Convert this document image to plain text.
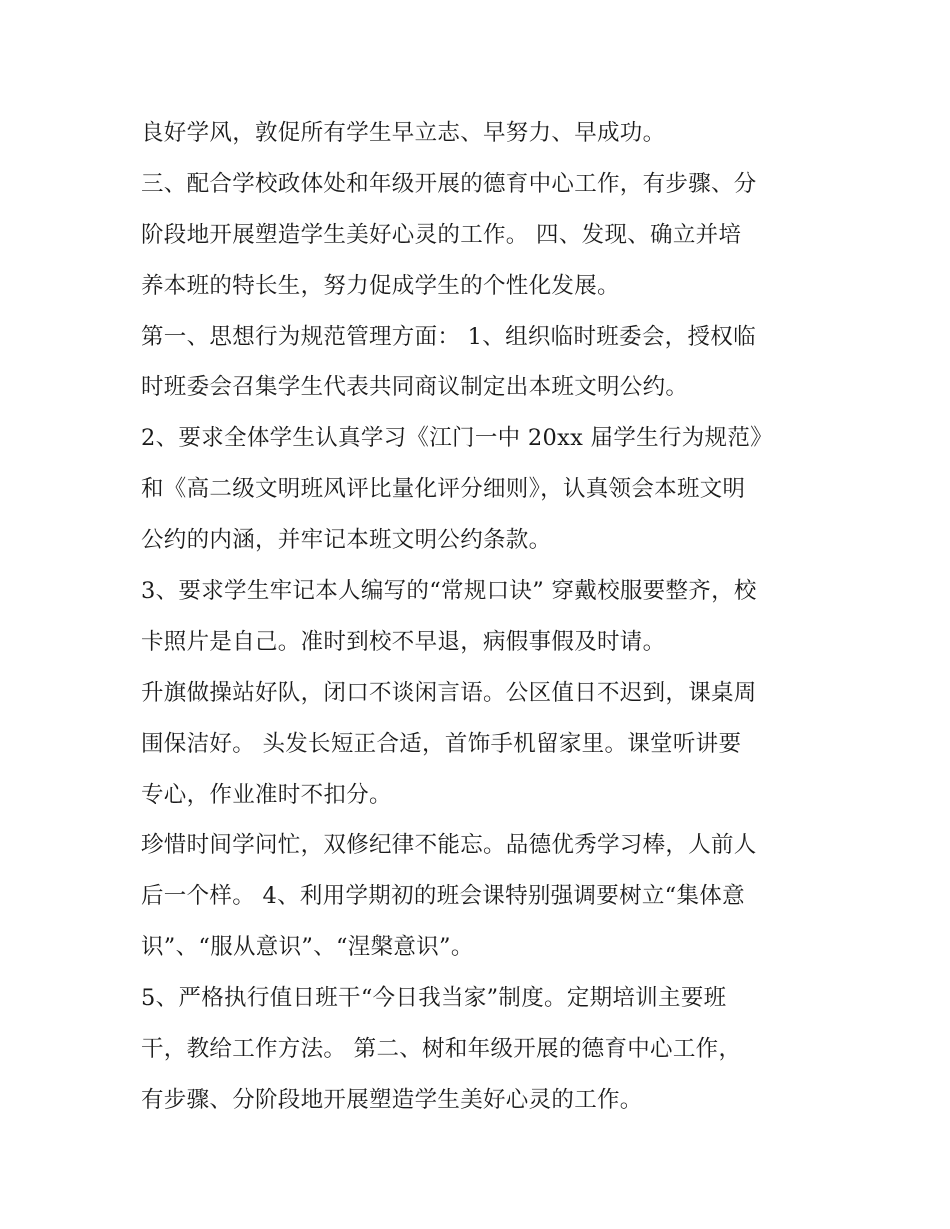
良好学风，敦促所有学生早立志、早努力、早成功。
三、配合学校政体处和年级开展的德育中心工作，有步骤、分
阶段地开展塑造学生美好心灵的工作。 四、发现、确立并培
养本班的特长生，努力促成学生的个性化发展。
第一、思想行为规范管理方面： 1、组织临时班委会，授权临
时班委会召集学生代表共同商议制定出本班文明公约。
2、要求全体学生认真学习《江门一中 20xx 届学生行为规范》
和《高二级文明班风评比量化评分细则》，认真领会本班文明
公约的内涵，并牢记本班文明公约条款。
3、要求学生牢记本人编写的“常规口诀” 穿戴校服要整齐，校
卡照片是自己。准时到校不早退，病假事假及时请。
升旗做操站好队，闭口不谈闲言语。公区值日不迟到，课桌周
围保洁好。 头发长短正合适，首饰手机留家里。课堂听讲要
专心，作业准时不扣分。
珍惜时间学问忙，双修纪律不能忘。品德优秀学习棒，人前人
后一个样。 4、利用学期初的班会课特别强调要树立“集体意
识”、“服从意识”、“涅槃意识”。
5、严格执行值日班干“今日我当家”制度。定期培训主要班
干，教给工作方法。 第二、树和年级开展的德育中心工作，
有步骤、分阶段地开展塑造学生美好心灵的工作。
